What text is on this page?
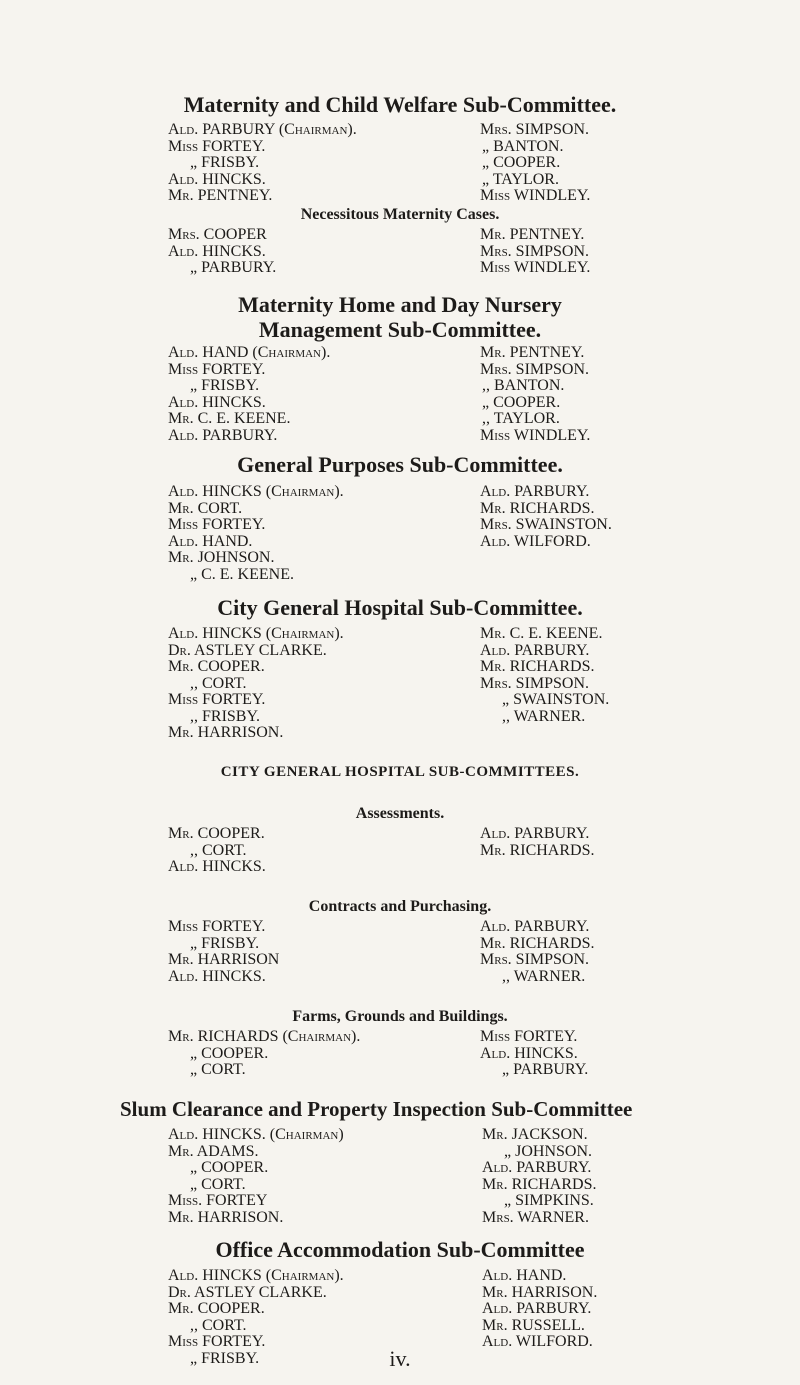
Maternity and Child Welfare Sub-Committee.
Ald. PARBURY (Chairman).
Miss FORTEY.
„ FRISBY.
Ald. HINCKS.
Mr. PENTNEY.
Mrs. SIMPSON.
„ BANTON.
„ COOPER.
„ TAYLOR.
Miss WINDLEY.
Necessitous Maternity Cases.
Mrs. COOPER
Ald. HINCKS.
„ PARBURY.
Mr. PENTNEY.
Mrs. SIMPSON.
Miss WINDLEY.
Maternity Home and Day Nursery
Management Sub-Committee.
Ald. HAND (Chairman).
Miss FORTEY.
„ FRISBY.
Ald. HINCKS.
Mr. C. E. KEENE.
Ald. PARBURY.
Mr. PENTNEY.
Mrs. SIMPSON.
,, BANTON.
„ COOPER.
,, TAYLOR.
Miss WINDLEY.
General Purposes Sub-Committee.
Ald. HINCKS (Chairman).
Mr. CORT.
Miss FORTEY.
Ald. HAND.
Mr. JOHNSON.
„ C. E. KEENE.
Ald. PARBURY.
Mr. RICHARDS.
Mrs. SWAINSTON.
Ald. WILFORD.
City General Hospital Sub-Committee.
Ald. HINCKS (Chairman).
Dr. ASTLEY CLARKE.
Mr. COOPER.
,, CORT.
Miss FORTEY.
,, FRISBY.
Mr. HARRISON.
Mr. C. E. KEENE.
Ald. PARBURY.
Mr. RICHARDS.
Mrs. SIMPSON.
„ SWAINSTON.
,, WARNER.
CITY GENERAL HOSPITAL SUB-COMMITTEES.
Assessments.
Mr. COOPER.
,, CORT.
Ald. HINCKS.
Ald. PARBURY.
Mr. RICHARDS.
Contracts and Purchasing.
Miss FORTEY.
„ FRISBY.
Mr. HARRISON
Ald. HINCKS.
Ald. PARBURY.
Mr. RICHARDS.
Mrs. SIMPSON.
,, WARNER.
Farms, Grounds and Buildings.
Mr. RICHARDS (Chairman).
„ COOPER.
„ CORT.
Miss FORTEY.
Ald. HINCKS.
„ PARBURY.
Slum Clearance and Property Inspection Sub-Committee
Ald. HINCKS. (Chairman)
Mr. ADAMS.
„ COOPER.
„ CORT.
Miss. FORTEY
Mr. HARRISON.
Mr. JACKSON.
„ JOHNSON.
Ald. PARBURY.
Mr. RICHARDS.
„ SIMPKINS.
Mrs. WARNER.
Office Accommodation Sub-Committee
Ald. HINCKS (Chairman).
Dr. ASTLEY CLARKE.
Mr. COOPER.
,, CORT.
Miss FORTEY.
„ FRISBY.
Ald. HAND.
Mr. HARRISON.
Ald. PARBURY.
Mr. RUSSELL.
Ald. WILFORD.
iv.
